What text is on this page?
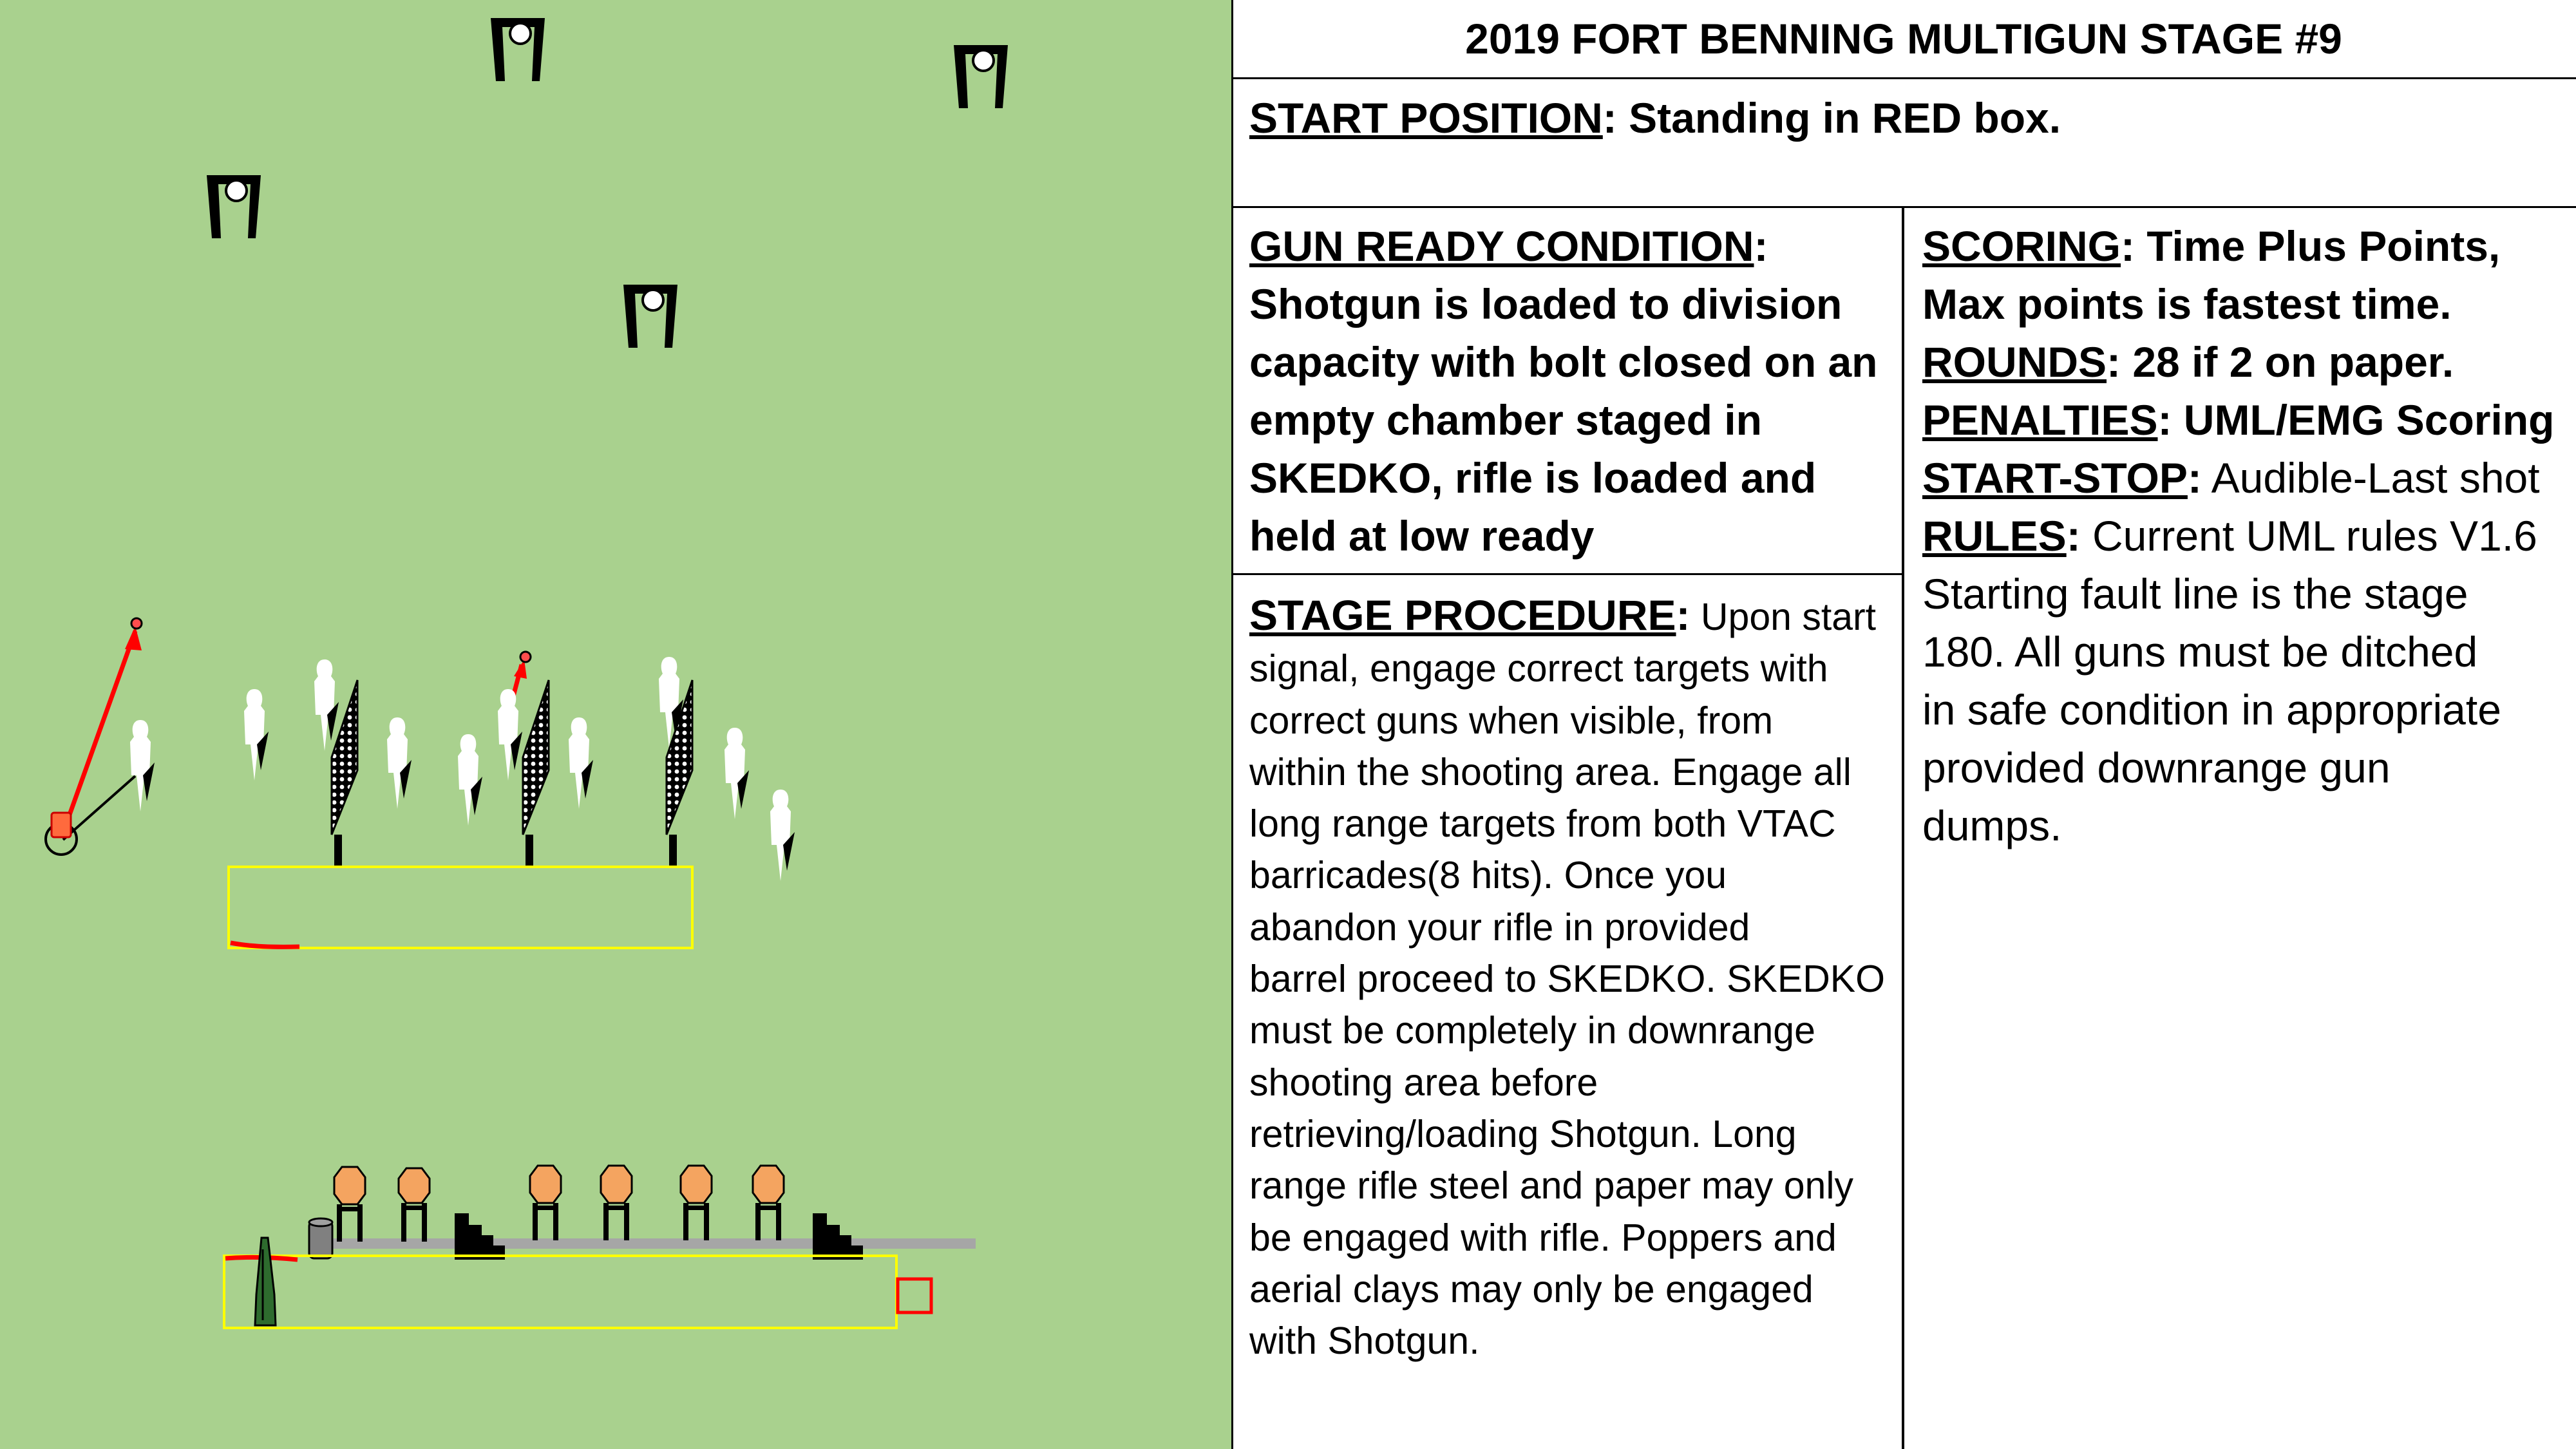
2019 FORT BENNING MULTIGUN STAGE #9
START POSITION: Standing in RED box.
GUN READY CONDITION:
Shotgun is loaded to division
capacity with bolt closed on an
empty chamber staged in
SKEDKO, rifle is loaded and
held at low ready
STAGE PROCEDURE: Upon start
signal, engage correct targets with
correct guns when visible, from
within the shooting area. Engage all
long range targets from both VTAC
barricades(8 hits). Once you
abandon your rifle in provided
barrel proceed to SKEDKO. SKEDKO
must be completely in downrange
shooting area before
retrieving/loading Shotgun. Long
range rifle steel and paper may only
be engaged with rifle. Poppers and
aerial clays may only be engaged
with Shotgun.
SCORING: Time Plus Points,
Max points is fastest time.
ROUNDS: 28 if 2 on paper.
PENALTIES: UML/EMG Scoring
START-STOP: Audible-Last shot
RULES: Current UML rules V1.6
Starting fault line is the stage
180. All guns must be ditched
in safe condition in appropriate
provided downrange gun
dumps.
